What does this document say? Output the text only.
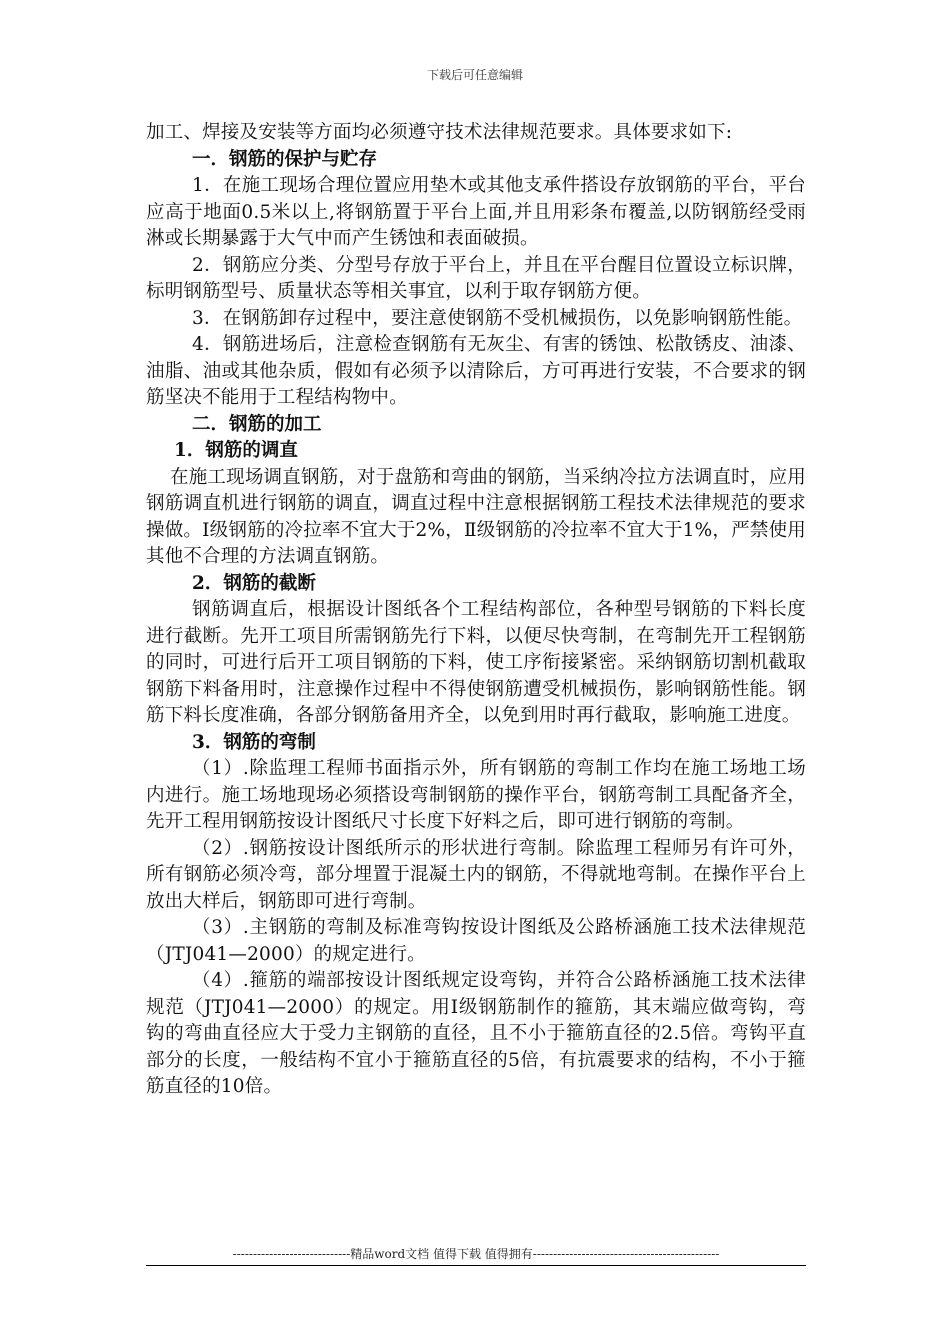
下载后可任意编辑

加工、焊接及安装等方面均必须遵守技术法律规范要求。具体要求如下:

一．钢筋的保护与贮存

1．在施工现场合理位置应用垫木或其他支承件搭设存放钢筋的平台，平台应高于地面0.5米以上,将钢筋置于平台上面,并且用彩条布覆盖,以防钢筋经受雨淋或长期暴露于大气中而产生锈蚀和表面破损。

2．钢筋应分类、分型号存放于平台上，并且在平台醒目位置设立标识牌，标明钢筋型号、质量状态等相关事宜，以利于取存钢筋方便。

3．在钢筋卸存过程中，要注意使钢筋不受机械损伤，以免影响钢筋性能。

4．钢筋进场后，注意检查钢筋有无灰尘、有害的锈蚀、松散锈皮、油漆、油脂、油或其他杂质，假如有必须予以清除后，方可再进行安装，不合要求的钢筋坚决不能用于工程结构物中。

二．钢筋的加工

1．钢筋的调直

在施工现场调直钢筋，对于盘筋和弯曲的钢筋，当采纳冷拉方法调直时，应用钢筋调直机进行钢筋的调直，调直过程中注意根据钢筋工程技术法律规范的要求操做。Ⅰ级钢筋的冷拉率不宜大于2%，Ⅱ级钢筋的冷拉率不宜大于1%，严禁使用其他不合理的方法调直钢筋。

2．钢筋的截断

钢筋调直后，根据设计图纸各个工程结构部位，各种型号钢筋的下料长度进行截断。先开工项目所需钢筋先行下料，以便尽快弯制，在弯制先开工程钢筋的同时，可进行后开工项目钢筋的下料，使工序衔接紧密。采纳钢筋切割机截取钢筋下料备用时，注意操作过程中不得使钢筋遭受机械损伤，影响钢筋性能。钢筋下料长度准确，各部分钢筋备用齐全，以免到用时再行截取，影响施工进度。

3．钢筋的弯制

（1）.除监理工程师书面指示外，所有钢筋的弯制工作均在施工场地工场内进行。施工场地现场必须搭设弯制钢筋的操作平台，钢筋弯制工具配备齐全，先开工程用钢筋按设计图纸尺寸长度下好料之后，即可进行钢筋的弯制。

（2）.钢筋按设计图纸所示的形状进行弯制。除监理工程师另有许可外，所有钢筋必须冷弯，部分埋置于混凝土内的钢筋，不得就地弯制。在操作平台上放出大样后，钢筋即可进行弯制。

（3）.主钢筋的弯制及标准弯钩按设计图纸及公路桥涵施工技术法律规范（JTJ041—2000）的规定进行。

（4）.箍筋的端部按设计图纸规定设弯钩，并符合公路桥涵施工技术法律规范（JTJ041—2000）的规定。用Ⅰ级钢筋制作的箍筋，其末端应做弯钩，弯钩的弯曲直径应大于受力主钢筋的直径，且不小于箍筋直径的2.5倍。弯钩平直部分的长度，一般结构不宜小于箍筋直径的5倍，有抗震要求的结构，不小于箍筋直径的10倍。

-----------------------------精品word文档 值得下载 值得拥有----------------------------------------------
